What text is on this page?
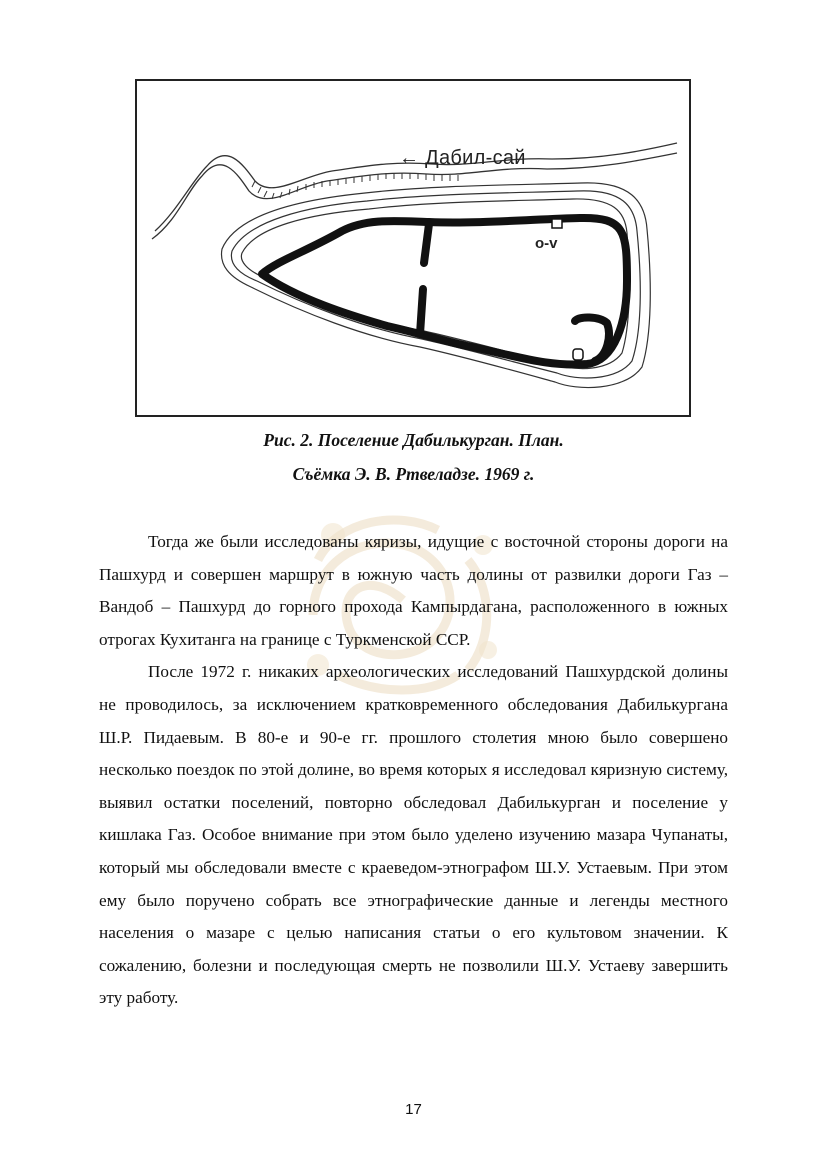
← Дабил-сай
о-v
Рис. 2. Поселение Дабилькурган. План.
Съёмка Э. В. Ртвеладзе. 1969 г.

Тогда же были исследованы кяризы, идущие с восточной стороны дороги на Пашхурд и совершен маршрут в южную часть долины от развилки дороги Газ – Вандоб – Пашхурд до горного прохода Кампырдагана, расположенного в южных отрогах Кухитанга на границе с Туркменской ССР.

После 1972 г. никаких археологических исследований Пашхурдской долины не проводилось, за исключением кратковременного обследования Дабилькургана Ш.Р. Пидаевым. В 80-е и 90-е гг. прошлого столетия мною было совершено несколько поездок по этой долине, во время которых я исследовал кяризную систему, выявил остатки поселений, повторно обследовал Дабилькурган и поселение у кишлака Газ. Особое внимание при этом было уделено изучению мазара Чупанаты, который мы обследовали вместе с краеведом-этнографом Ш.У. Устаевым. При этом ему было поручено собрать все этнографические данные и легенды местного населения о мазаре с целью написания статьи о его культовом значении. К сожалению, болезни и последующая смерть не позволили Ш.У. Устаеву завершить эту работу.

17
